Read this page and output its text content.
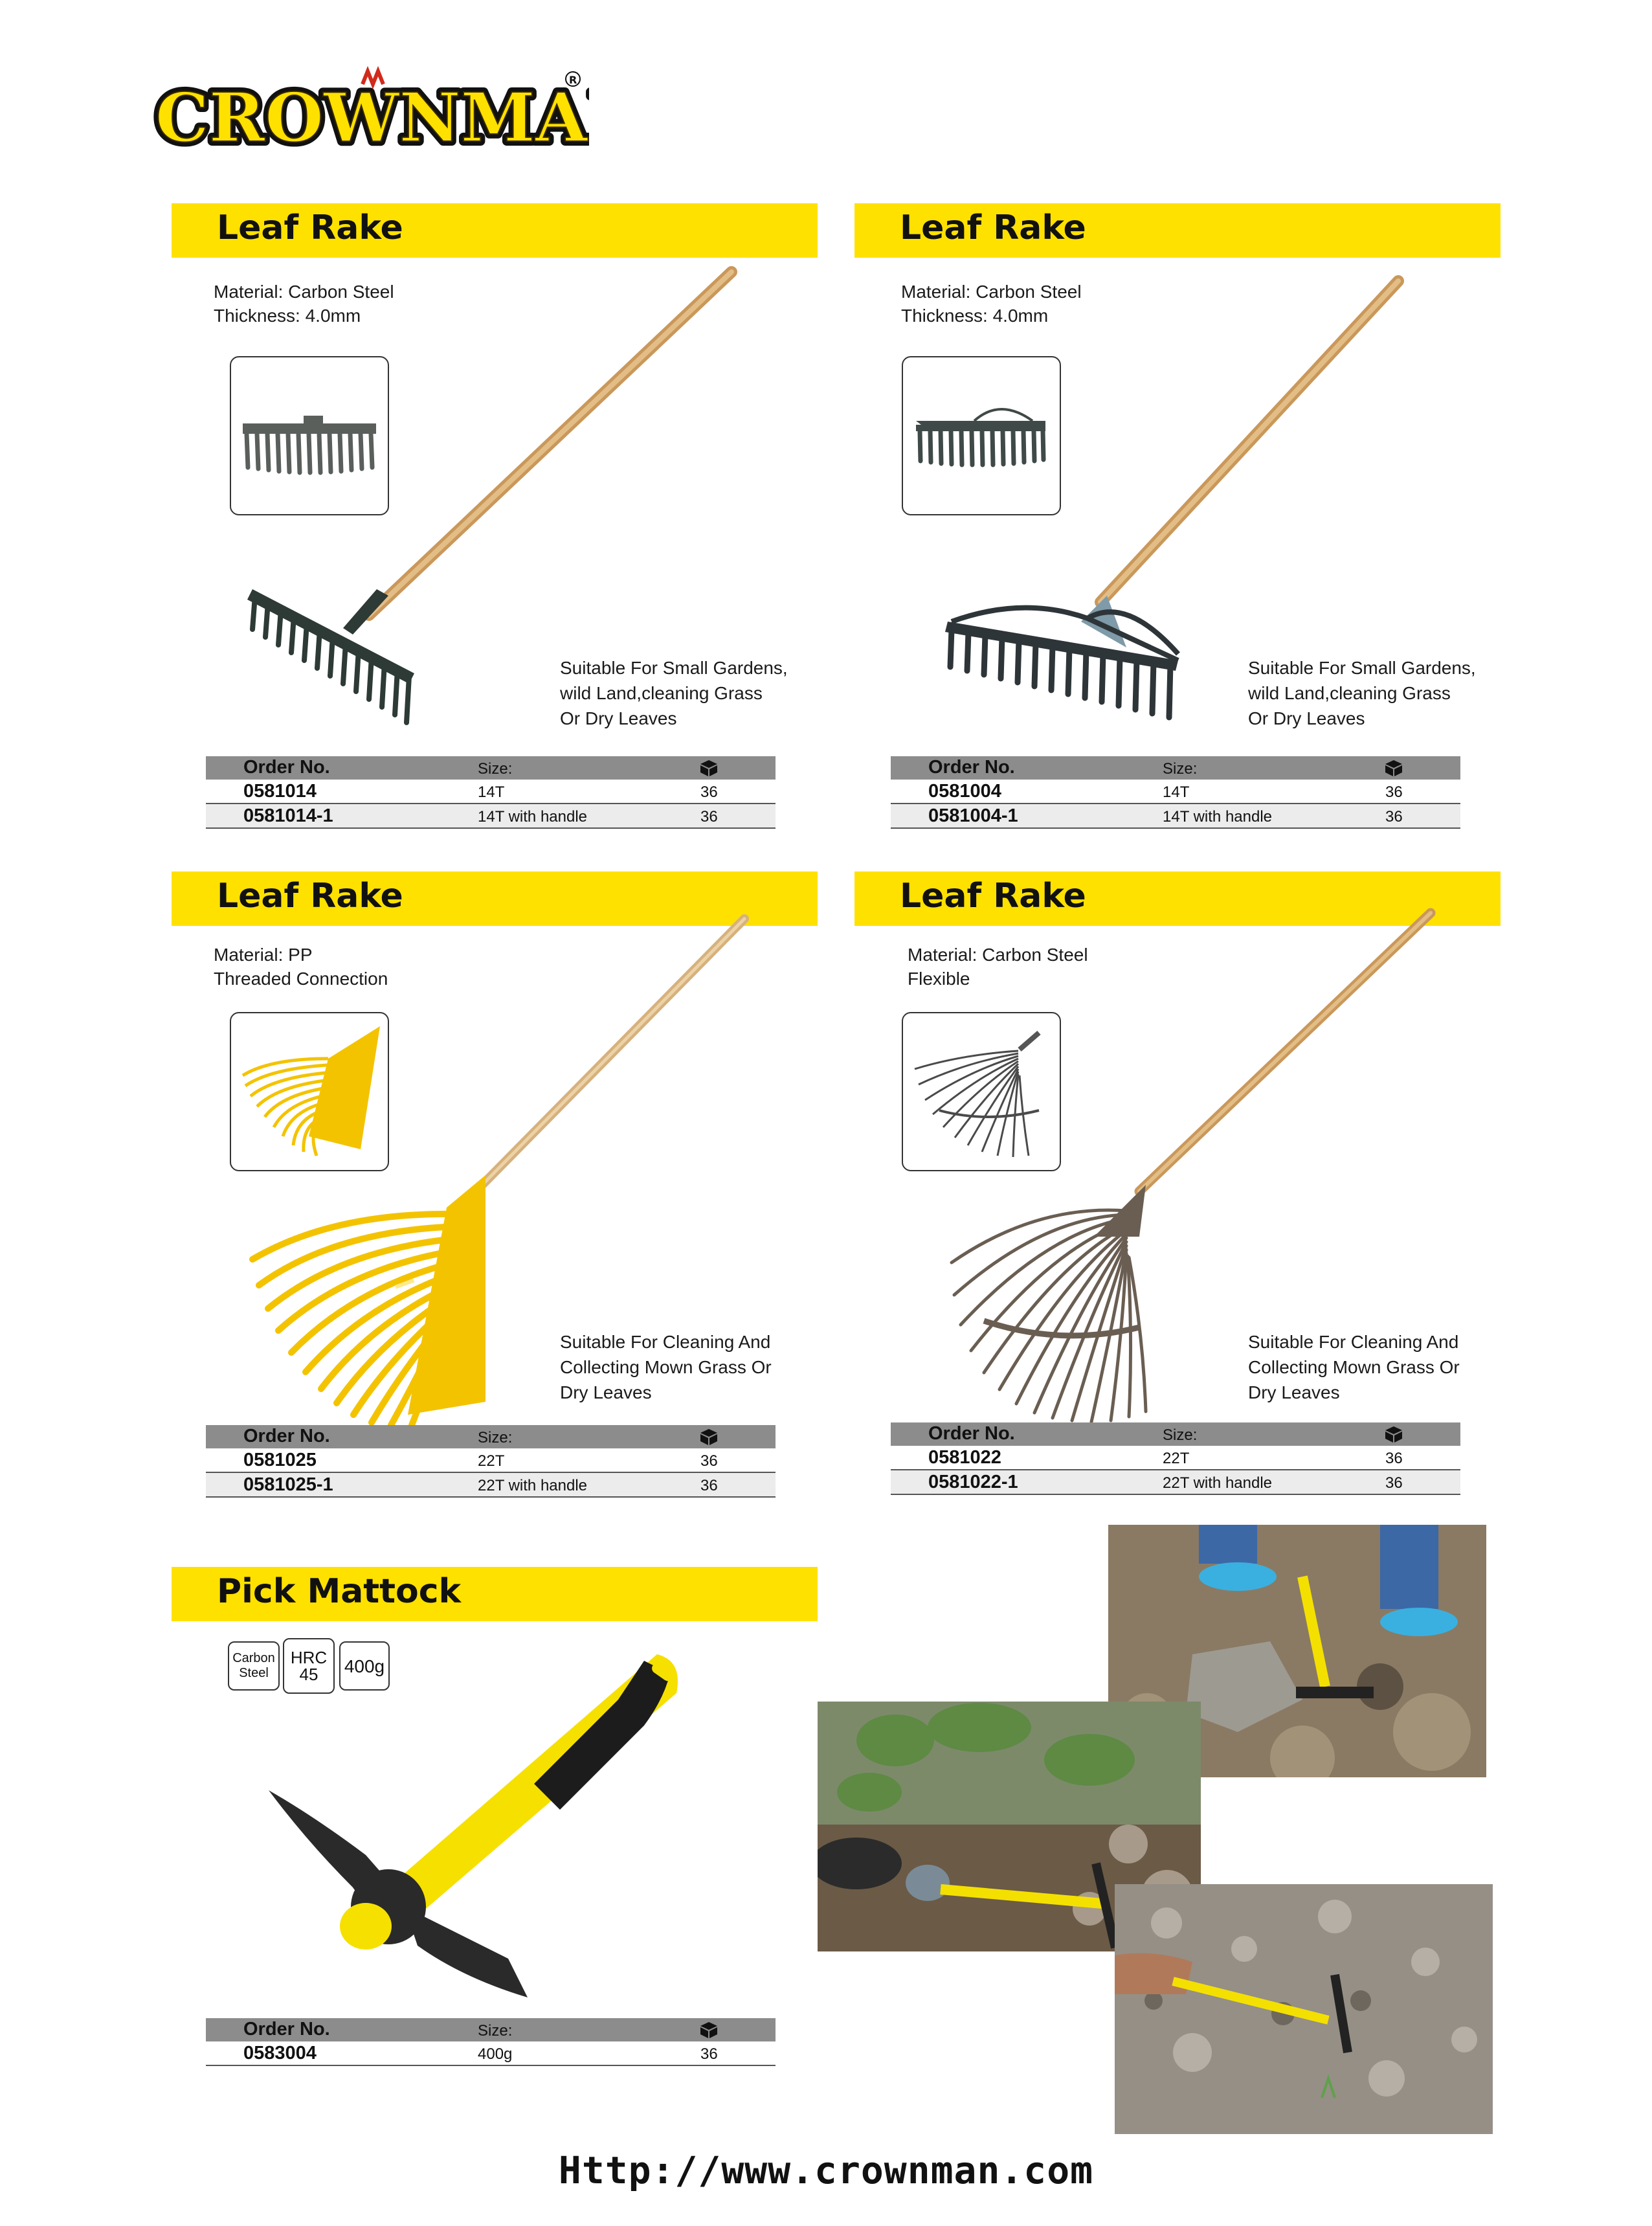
CROWNMA
CROWNMA
R
Leaf Rake
Material: Carbon Steel
Thickness: 4.0mm
Suitable For Small Gardens,
wild Land,cleaning Grass
Or Dry Leaves
Order No.	Size:
0581014	14T	36
0581014-1	14T with handle	36
Leaf Rake
Material: Carbon Steel
Thickness: 4.0mm
Suitable For Small Gardens,
wild Land,cleaning Grass
Or Dry Leaves
Order No.	Size:
0581004	14T	36
0581004-1	14T with handle	36
Leaf Rake
Material: PP
Threaded Connection
Suitable For Cleaning And
Collecting Mown Grass Or
Dry Leaves
Order No.	Size:
0581025	22T	36
0581025-1	22T with handle	36
Leaf Rake
Material: Carbon Steel
Flexible
Suitable For Cleaning And
Collecting Mown Grass Or
Dry Leaves
Order No.	Size:
0581022	22T	36
0581022-1	22T with handle	36
Pick Mattock
Carbon
Steel
HRC
45	400g
Order No.	Size:
0583004	400g	36
Http://www.crownman.com
